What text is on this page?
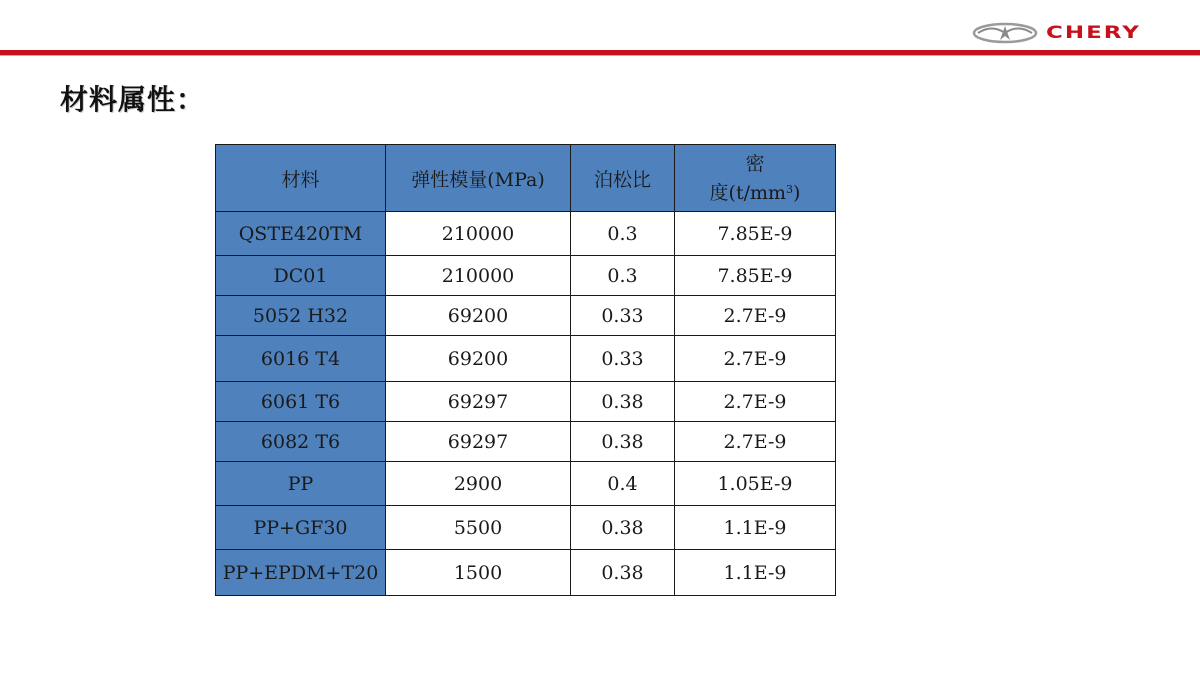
CHERY
材料属性：
材料	弹性模量(MPa)	泊松比	密
度$(t/mm^3)$

QSTE420TM	210000	0.3	7.85E-9
DC01	210000	0.3	7.85E-9
5052 H32	69200	0.33	2.7E-9
6016 T4	69200	0.33	2.7E-9
6061 T6	69297	0.38	2.7E-9
6082 T6	69297	0.38	2.7E-9
PP	2900	0.4	1.05E-9
PP+GF30	5500	0.38	1.1E-9
PP+EPDM+T20	1500	0.38	1.1E-9
